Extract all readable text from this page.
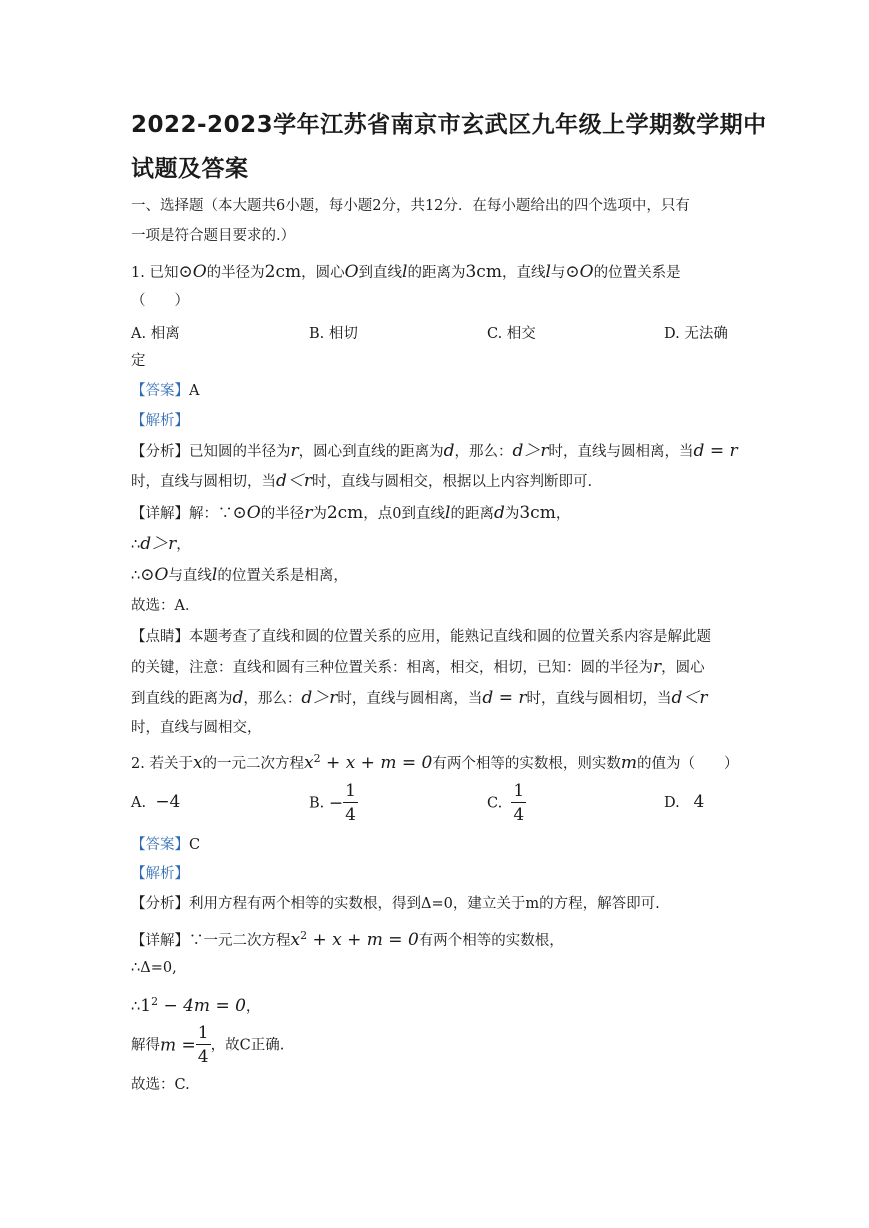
2022-2023学年江苏省南京市玄武区九年级上学期数学期中
试题及答案
一、选择题（本大题共6小题，每小题2分，共12分．在每小题给出的四个选项中，只有
一项是符合题目要求的.）
1. 已知⊙O的半径为2cm，圆心O到直线l的距离为3cm，直线l与⊙O的位置关系是
（　　）
A. 相离	B. 相切	C. 相交	D. 无法确
定
【答案】A
【解析】
【分析】已知圆的半径为r，圆心到直线的距离为d，那么：d＞r时，直线与圆相离，当d = r
时，直线与圆相切，当d＜r时，直线与圆相交，根据以上内容判断即可.
【详解】解：∵⊙O的半径r为2cm，点0到直线l的距离d为3cm，
∴d＞r，
∴⊙O与直线l的位置关系是相离，
故选：A．
【点睛】本题考查了直线和圆的位置关系的应用，能熟记直线和圆的位置关系内容是解此题
的关键，注意：直线和圆有三种位置关系：相离，相交，相切，已知：圆的半径为r，圆心
到直线的距离为d，那么：d＞r时，直线与圆相离，当d = r时，直线与圆相切，当d＜r
时，直线与圆相交，
2. 若关于x的一元二次方程$x^2 + x + m = 0$有两个相等的实数根，则实数m的值为（　　）
A. −4	B. − $\frac{1}{4}$	C. $\frac{1}{4}$	D. 4
【答案】C
【解析】
【分析】利用方程有两个相等的实数根，得到Δ=0，建立关于m的方程，解答即可.
【详解】∵一元二次方程$x^2 + x + m = 0$有两个相等的实数根，
∴Δ=0,
$\therefore 1^2 - 4m = 0$，
解得$m = \frac{1}{4}$ ，故C正确.
故选：C.
